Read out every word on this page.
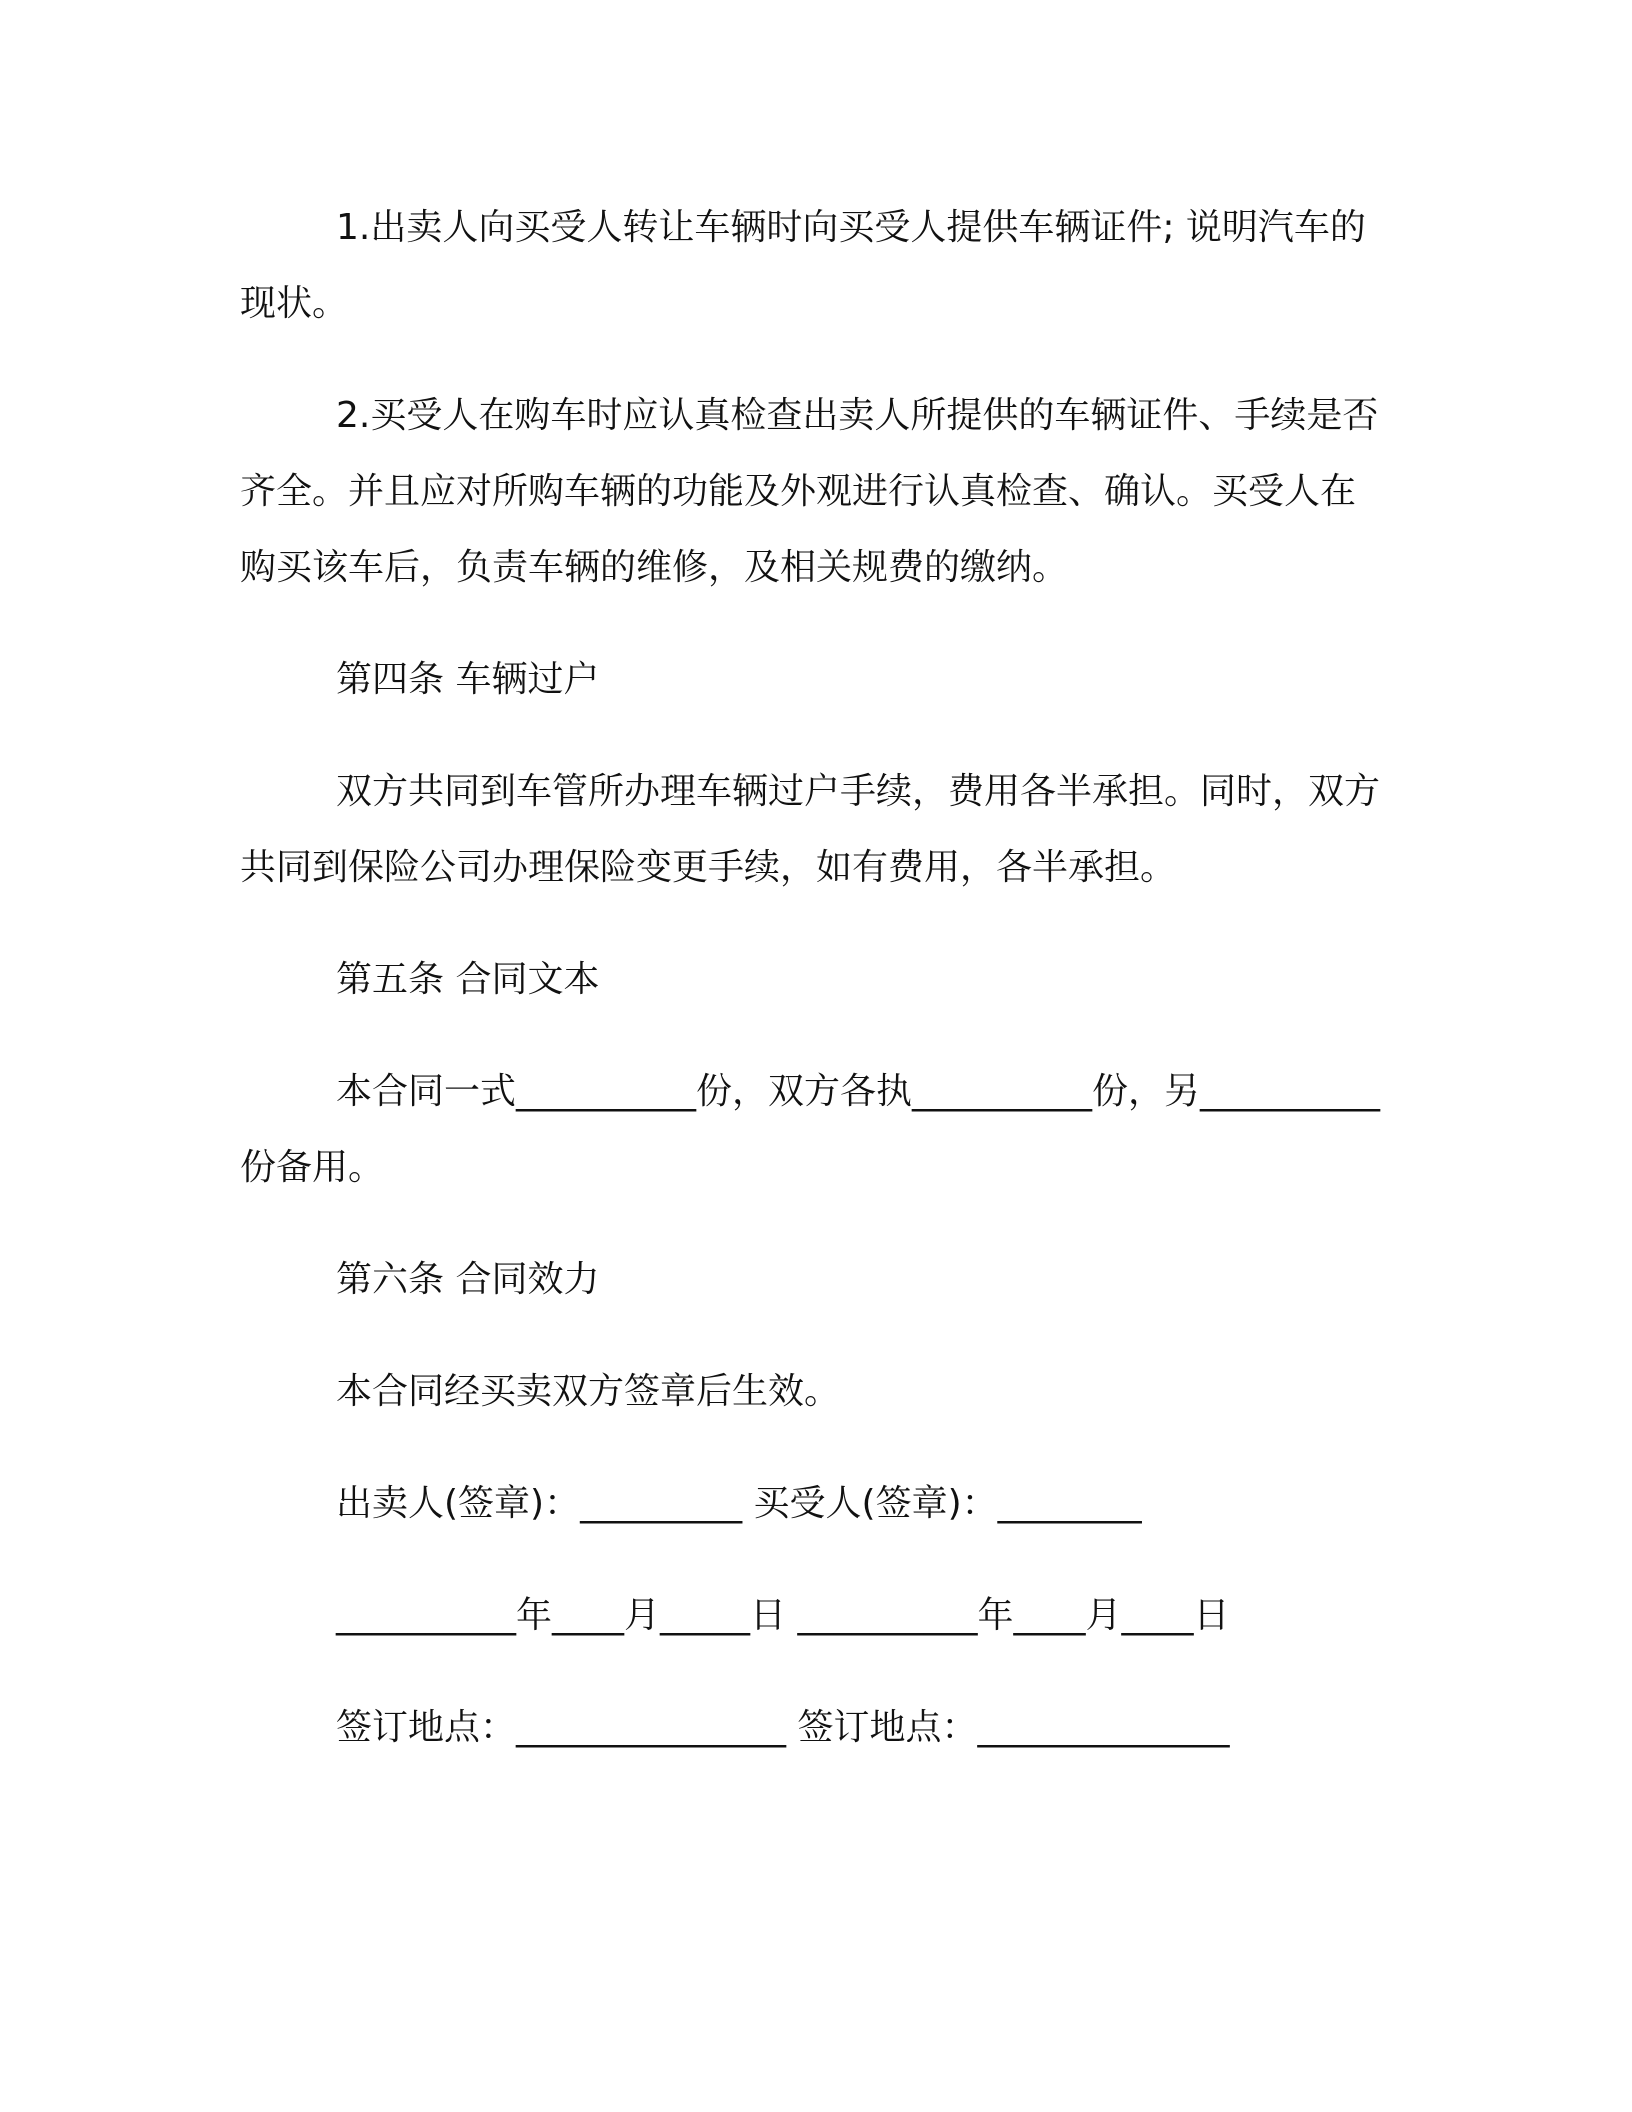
1.出卖人向买受人转让车辆时向买受人提供车辆证件; 说明汽车的现状。

2.买受人在购车时应认真检查出卖人所提供的车辆证件、手续是否齐全。并且应对所购车辆的功能及外观进行认真检查、确认。买受人在购买该车后，负责车辆的维修，及相关规费的缴纳。

第四条 车辆过户

双方共同到车管所办理车辆过户手续，费用各半承担。同时，双方共同到保险公司办理保险变更手续，如有费用，各半承担。

第五条 合同文本

本合同一式__________份，双方各执__________份，另__________份备用。

第六条 合同效力
本合同经买卖双方签章后生效。
出卖人(签章)：_________ 买受人(签章)：________
__________年____月_____日 __________年____月____日
签订地点：_______________ 签订地点：______________
